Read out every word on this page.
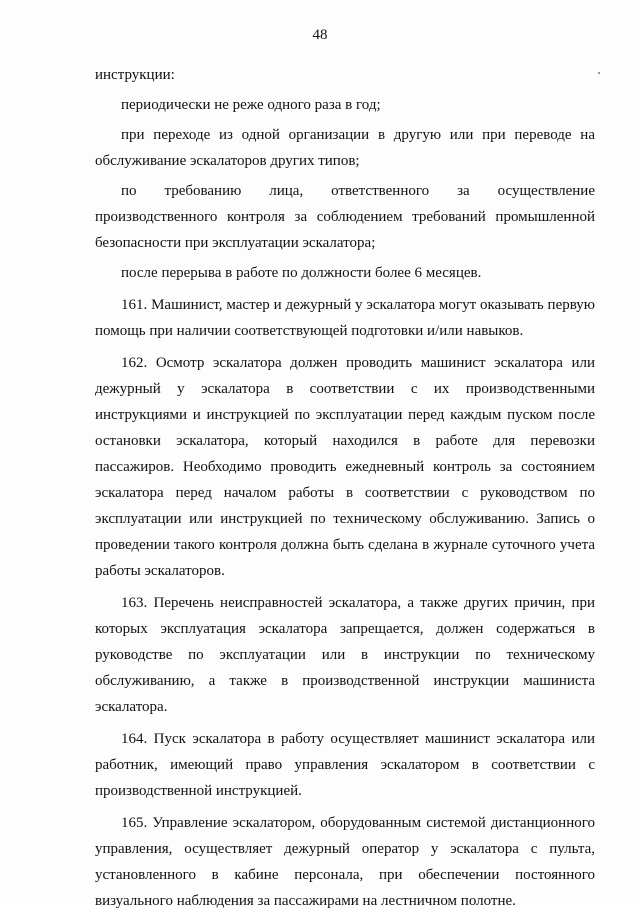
48

инструкции:

периодически не реже одного раза в год;

при переходе из одной организации в другую или при переводе на обслуживание эскалаторов других типов;

по требованию лица, ответственного за осуществление производственного контроля за соблюдением требований промышленной безопасности при эксплуатации эскалатора;

после перерыва в работе по должности более 6 месяцев.

161. Машинист, мастер и дежурный у эскалатора могут оказывать первую помощь при наличии соответствующей подготовки и/или навыков.

162. Осмотр эскалатора должен проводить машинист эскалатора или дежурный у эскалатора в соответствии с их производственными инструкциями и инструкцией по эксплуатации перед каждым пуском после остановки эскалатора, который находился в работе для перевозки пассажиров. Необходимо проводить ежедневный контроль за состоянием эскалатора перед началом работы в соответствии с руководством по эксплуатации или инструкцией по техническому обслуживанию. Запись о проведении такого контроля должна быть сделана в журнале суточного учета работы эскалаторов.

163. Перечень неисправностей эскалатора, а также других причин, при которых эксплуатация эскалатора запрещается, должен содержаться в руководстве по эксплуатации или в инструкции по техническому обслуживанию, а также в производственной инструкции машиниста эскалатора.

164. Пуск эскалатора в работу осуществляет машинист эскалатора или работник, имеющий право управления эскалатором в соответствии с производственной инструкцией.

165. Управление эскалатором, оборудованным системой дистанционного управления, осуществляет дежурный оператор у эскалатора с пульта, установленного в кабине персонала, при обеспечении постоянного визуального наблюдения за пассажирами на лестничном полотне.
